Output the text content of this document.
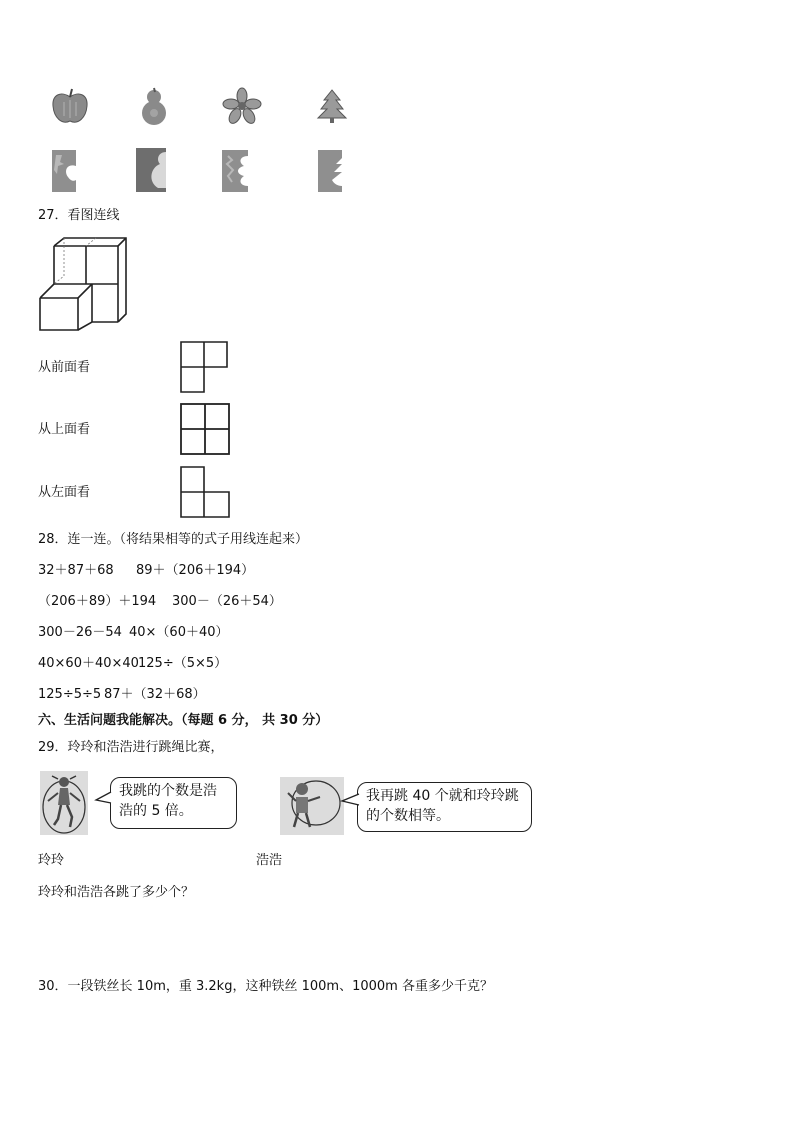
27．看图连线
从前面看
从上面看
从左面看
28．连一连。（将结果相等的式子用线连起来）
32＋87＋68 89＋（206＋194）
（206＋89）＋194 300－（26＋54）
300－26－54 40×（60＋40）
40×60＋40×40 125÷（5×5）
125÷5÷5 87＋（32＋68）
六、生活问题我能解决。（每题 6 分， 共 30 分）
29．玲玲和浩浩进行跳绳比赛，
我跳的个数是浩浩的 5 倍。
我再跳 40 个就和玲玲跳的个数相等。
玲玲	浩浩
玲玲和浩浩各跳了多少个？
30．一段铁丝长 10m，重 3.2kg，这种铁丝 100m、1000m 各重多少千克？
